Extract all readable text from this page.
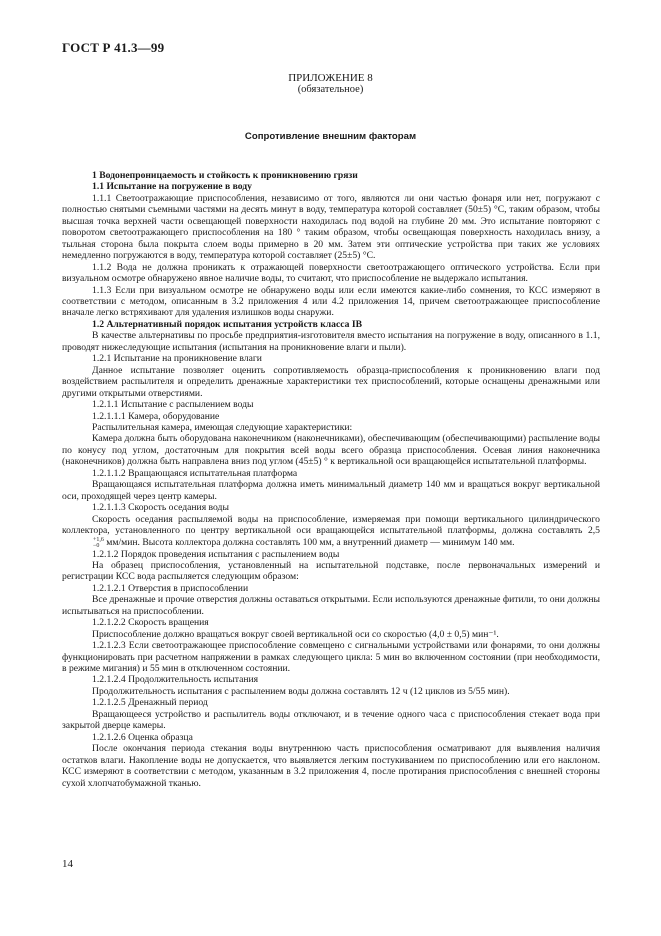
ГОСТ Р 41.3—99
ПРИЛОЖЕНИЕ 8
(обязательное)
Сопротивление внешним факторам

1 Водонепроницаемость и стойкость к проникновению грязи

1.1 Испытание на погружение в воду

1.1.1 Светоотражающие приспособления, независимо от того, являются ли они частью фонаря или нет, погружают с полностью снятыми съемными частями на десять минут в воду, температура которой составляет (50±5) °С, таким образом, чтобы высшая точка верхней части освещающей поверхности находилась под водой на глубине 20 мм. Это испытание повторяют с поворотом светоотражающего приспособления на 180 ° таким образом, чтобы освещающая поверхность находилась внизу, а тыльная сторона была покрыта слоем воды примерно в 20 мм. Затем эти оптические устройства при таких же условиях немедленно погружаются в воду, температура которой составляет (25±5) °С.

1.1.2 Вода не должна проникать к отражающей поверхности светоотражающего оптического устройства. Если при визуальном осмотре обнаружено явное наличие воды, то считают, что приспособление не выдержало испытания.

1.1.3 Если при визуальном осмотре не обнаружено воды или если имеются какие-либо сомнения, то КСС измеряют в соответствии с методом, описанным в 3.2 приложения 4 или 4.2 приложения 14, причем светоотражающее приспособление вначале легко встряхивают для удаления излишков воды снаружи.

1.2 Альтернативный порядок испытания устройств класса IB

В качестве альтернативы по просьбе предприятия-изготовителя вместо испытания на погружение в воду, описанного в 1.1, проводят нижеследующие испытания (испытания на проникновение влаги и пыли).

1.2.1 Испытание на проникновение влаги

Данное испытание позволяет оценить сопротивляемость образца-приспособления к проникновению влаги под воздействием распылителя и определить дренажные характеристики тех приспособлений, которые оснащены дренажными или другими открытыми отверстиями.

1.2.1.1 Испытание с распылением воды

1.2.1.1.1 Камера, оборудование

Распылительная камера, имеющая следующие характеристики:

Камера должна быть оборудована наконечником (наконечниками), обеспечивающим (обеспечивающими) распыление воды по конусу под углом, достаточным для покрытия всей воды всего образца приспособления. Осевая линия наконечника (наконечников) должна быть направлена вниз под углом (45±5) ° к вертикальной оси вращающейся испытательной платформы.

1.2.1.1.2 Вращающаяся испытательная платформа

Вращающаяся испытательная платформа должна иметь минимальный диаметр 140 мм и вращаться вокруг вертикальной оси, проходящей через центр камеры.

1.2.1.1.3 Скорость оседания воды

Скорость оседания распыляемой воды на приспособление, измеряемая при помощи вертикального цилиндрического коллектора, установленного по центру вертикальной оси вращающейся испытательной платформы, должна составлять 2,5
+1,6
−0 мм/мин. Высота коллектора должна составлять 100 мм, а внутренний диаметр — минимум 140 мм.

1.2.1.2 Порядок проведения испытания с распылением воды

На образец приспособления, установленный на испытательной подставке, после первоначальных измерений и регистрации КСС вода распыляется следующим образом:

1.2.1.2.1 Отверстия в приспособлении

Все дренажные и прочие отверстия должны оставаться открытыми. Если используются дренажные фитили, то они должны испытываться на приспособлении.

1.2.1.2.2 Скорость вращения

Приспособление должно вращаться вокруг своей вертикальной оси со скоростью (4,0 ± 0,5) мин⁻¹.

1.2.1.2.3 Если светоотражающее приспособление совмещено с сигнальными устройствами или фонарями, то они должны функционировать при расчетном напряжении в рамках следующего цикла: 5 мин во включенном состоянии (при необходимости, в режиме мигания) и 55 мин в отключенном состоянии.

1.2.1.2.4 Продолжительность испытания

Продолжительность испытания с распылением воды должна составлять 12 ч (12 циклов из 5/55 мин).

1.2.1.2.5 Дренажный период

Вращающееся устройство и распылитель воды отключают, и в течение одного часа с приспособления стекает вода при закрытой дверце камеры.

1.2.1.2.6 Оценка образца

После окончания периода стекания воды внутреннюю часть приспособления осматривают для выявления наличия остатков влаги. Накопление воды не допускается, что выявляется легким постукиванием по приспособлению или его наклоном. КСС измеряют в соответствии с методом, указанным в 3.2 приложения 4, после протирания приспособления с внешней стороны сухой хлопчатобумажной тканью.

14
